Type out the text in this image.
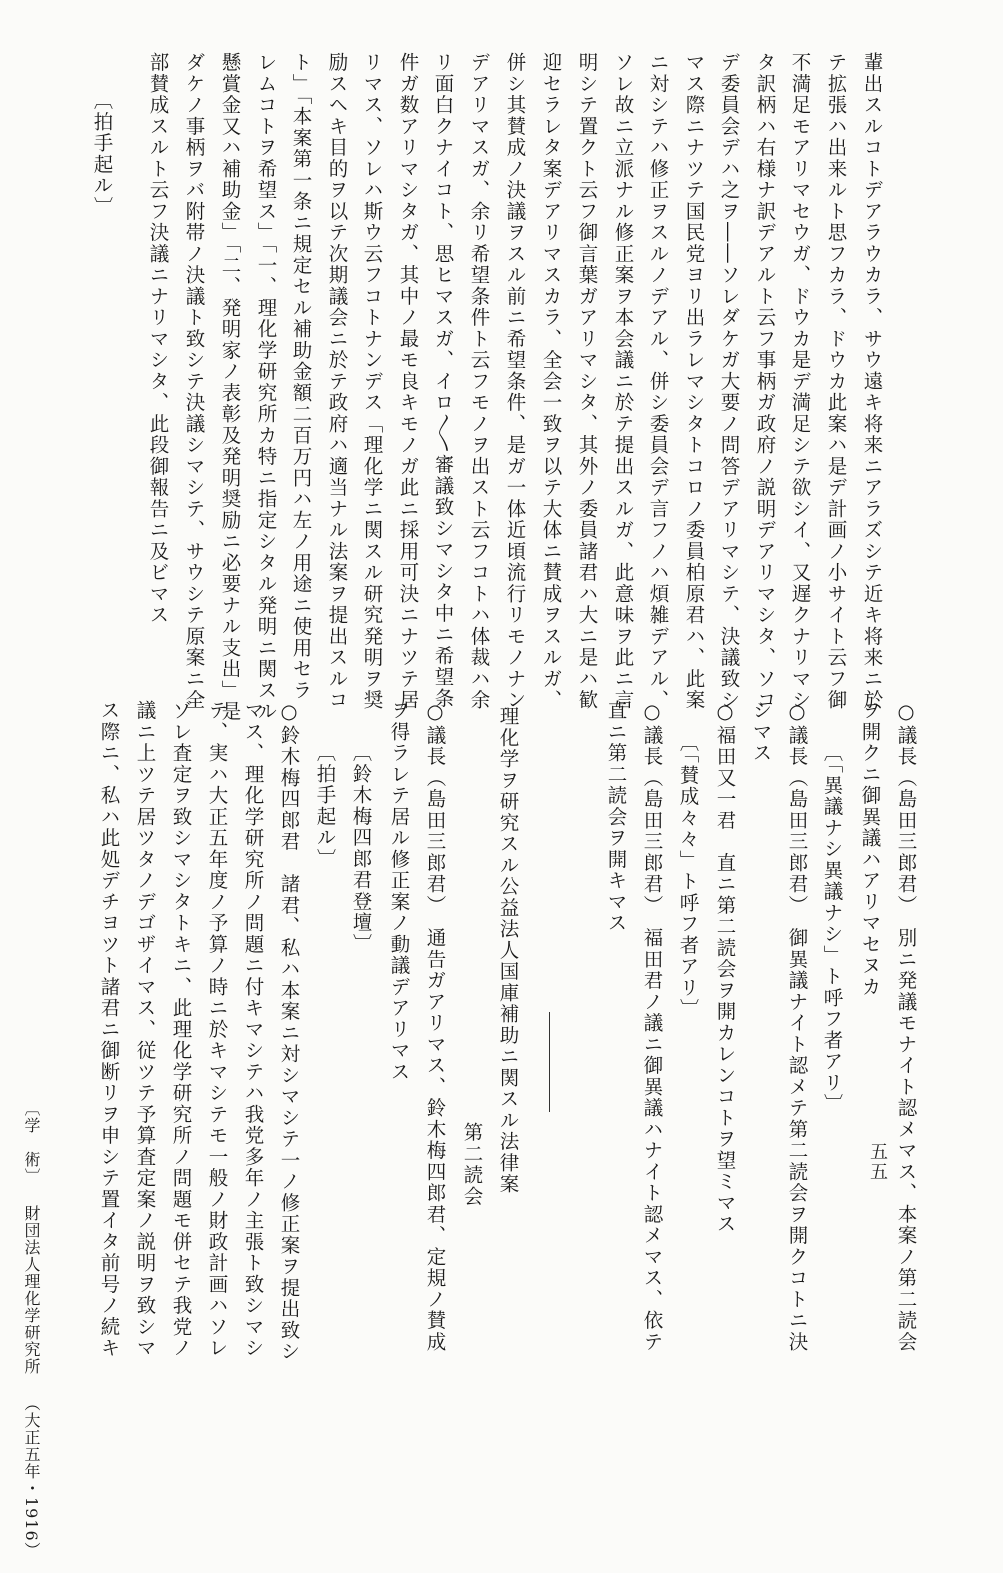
輩出スルコトデアラウカラ、サウ遠キ将来ニアラズシテ近キ将来ニ於
テ拡張ハ出来ルト思フカラ、ドウカ此案ハ是デ計画ノ小サイト云フ御
不満足モアリマセウガ、ドウカ是デ満足シテ欲シイ、又遅クナリマシ
タ訳柄ハ右様ナ訳デアルト云フ事柄ガ政府ノ説明デアリマシタ、ソコ
デ委員会デハ之ヲ――ソレダケガ大要ノ問答デアリマシテ、決議致シ
マス際ニナツテ国民党ヨリ出ラレマシタトコロノ委員柏原君ハ、此案
ニ対シテハ修正ヲスルノデアル、併シ委員会デ言フノハ煩雑デアル、
ソレ故ニ立派ナル修正案ヲ本会議ニ於テ提出スルガ、此意味ヲ此ニ言
明シテ置クト云フ御言葉ガアリマシタ、其外ノ委員諸君ハ大ニ是ハ歓
迎セラレタ案デアリマスカラ、全会一致ヲ以テ大体ニ賛成ヲスルガ、
併シ其賛成ノ決議ヲスル前ニ希望条件、是ガ一体近頃流行リモノナン
デアリマスガ、余リ希望条件ト云フモノヲ出スト云フコトハ体裁ハ余
リ面白クナイコト、思ヒマスガ、イロ〱審議致シマシタ中ニ希望条
件ガ数アリマシタガ、其中ノ最モ良キモノガ此ニ採用可決ニナツテ居
リマス、ソレハ斯ウ云フコトナンデス「理化学ニ関スル研究発明ヲ奨
励スヘキ目的ヲ以テ次期議会ニ於テ政府ハ適当ナル法案ヲ提出スルコ
ト」「本案第一条ニ規定セル補助金額二百万円ハ左ノ用途ニ使用セラ
レムコトヲ希望ス」「一、理化学研究所カ特ニ指定シタル発明ニ関スル
懸賞金又ハ補助金」「二、発明家ノ表彰及発明奨励ニ必要ナル支出」是
ダケノ事柄ヲバ附帯ノ決議ト致シテ決議シマシテ、サウシテ原案ニ全
部賛成スルト云フ決議ニナリマシタ、此段御報告ニ及ビマス
〔拍手起ル〕
○議長（島田三郎君）　別ニ発議モナイト認メマス、本案ノ第二読会
ヲ開クニ御異議ハアリマセヌカ
〔「異議ナシ異議ナシ」ト呼フ者アリ〕
○議長（島田三郎君）　御異議ナイト認メテ第二読会ヲ開クコトニ決
シマス
○福田又一君　直ニ第二読会ヲ開カレンコトヲ望ミマス
〔「賛成々々」ト呼フ者アリ〕
○議長（島田三郎君）　福田君ノ議ニ御異議ハナイト認メマス、依テ
直ニ第二読会ヲ開キマス
理化学ヲ研究スル公益法人国庫補助ニ関スル法律案
第二読会
○議長（島田三郎君）　通告ガアリマス、鈴木梅四郎君、定規ノ賛成
ヲ得ラレテ居ル修正案ノ動議デアリマス
〔鈴木梅四郎君登壇〕
〔拍手起ル〕
○鈴木梅四郎君　諸君、私ハ本案ニ対シマシテ一ノ修正案ヲ提出致シ
マス、理化学研究所ノ問題ニ付キマシテハ我党多年ノ主張ト致シマシ
テ、実ハ大正五年度ノ予算ノ時ニ於キマシテモ一般ノ財政計画ハソレ
ゾレ査定ヲ致シマシタトキニ、此理化学研究所ノ問題モ併セテ我党ノ
議ニ上ツテ居ツタノデゴザイマス、従ツテ予算査定案ノ説明ヲ致シマ
ス際ニ、私ハ此処デチヨツト諸君ニ御断リヲ申シテ置イタ前号ノ続キ	五五
〔学　術〕 財団法人理化学研究所 （大正五年・1916）
